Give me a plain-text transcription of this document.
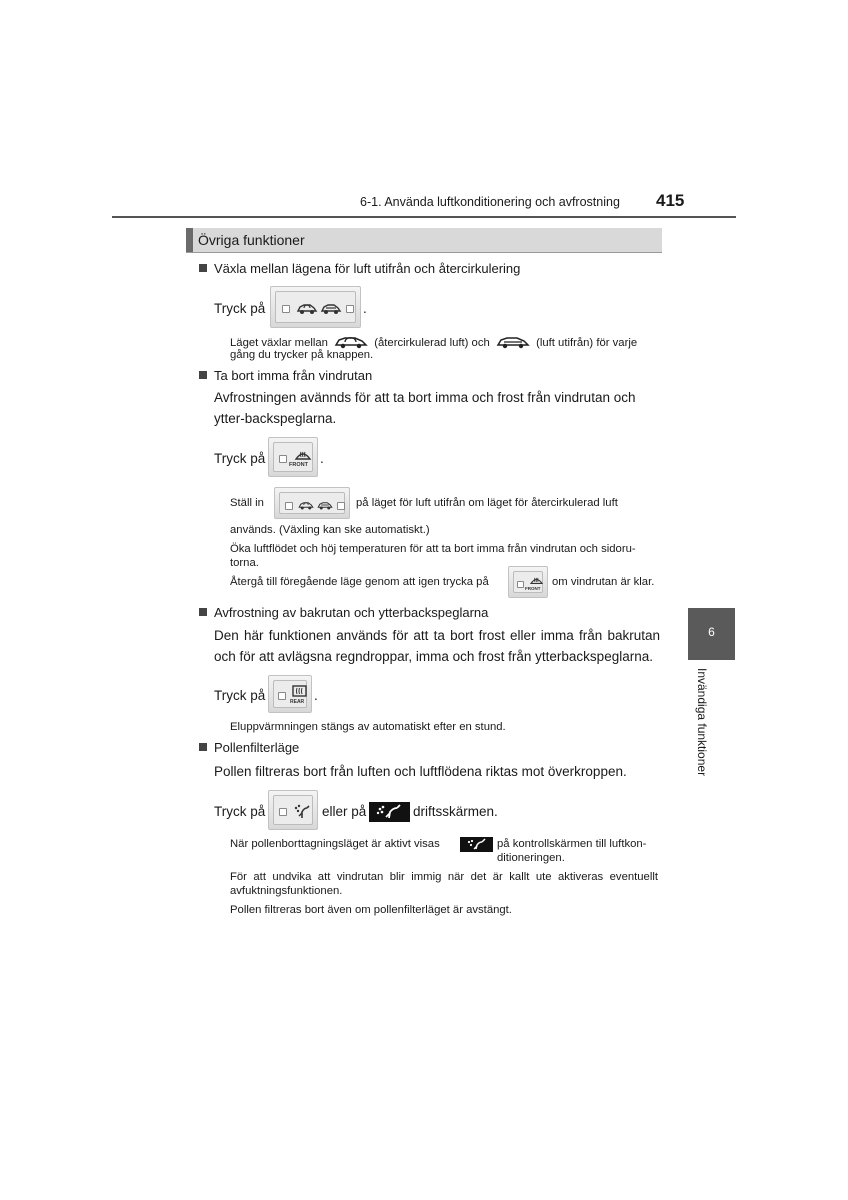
6-1. Använda luftkonditionering och avfrostning 415
Övriga funktioner
Växla mellan lägena för luft utifrån och återcirkulering
Tryck på	.
Läget växlar mellan	(återcirkulerad luft) och	(luft utifrån) för varje
gång du trycker på knappen.
Ta bort imma från vindrutan
Avfrostningen avännds för att ta bort imma och frost från vindrutan och ytter-backspeglarna.
Tryck på	FRONT .
Ställ in	på läget för luft utifrån om läget för återcirkulerad luft
används. (Växling kan ske automatiskt.)
Öka luftflödet och höj temperaturen för att ta bort imma från vindrutan och sidoru-torna.
Återgå till föregående läge genom att igen trycka på
FRONT
om vindrutan är klar.
Avfrostning av bakrutan och ytterbackspeglarna
Den här funktionen används för att ta bort frost eller imma från bakrutan och för att avlägsna regndroppar, imma och frost från ytterbackspeglarna.
Tryck på	REAR .
Eluppvärmningen stängs av automatiskt efter en stund.
Pollenfilterläge
Pollen filtreras bort från luften och luftflödena riktas mot överkroppen.
Tryck på	eller på	driftsskärmen.
När pollenborttagningsläget är aktivt visas	på kontrollskärmen till luftkon-ditioneringen.
För att undvika att vindrutan blir immig när det är kallt ute aktiveras eventuellt avfuktningsfunktionen.
Pollen filtreras bort även om pollenfilterläget är avstängt.
6
Invändiga funktioner
